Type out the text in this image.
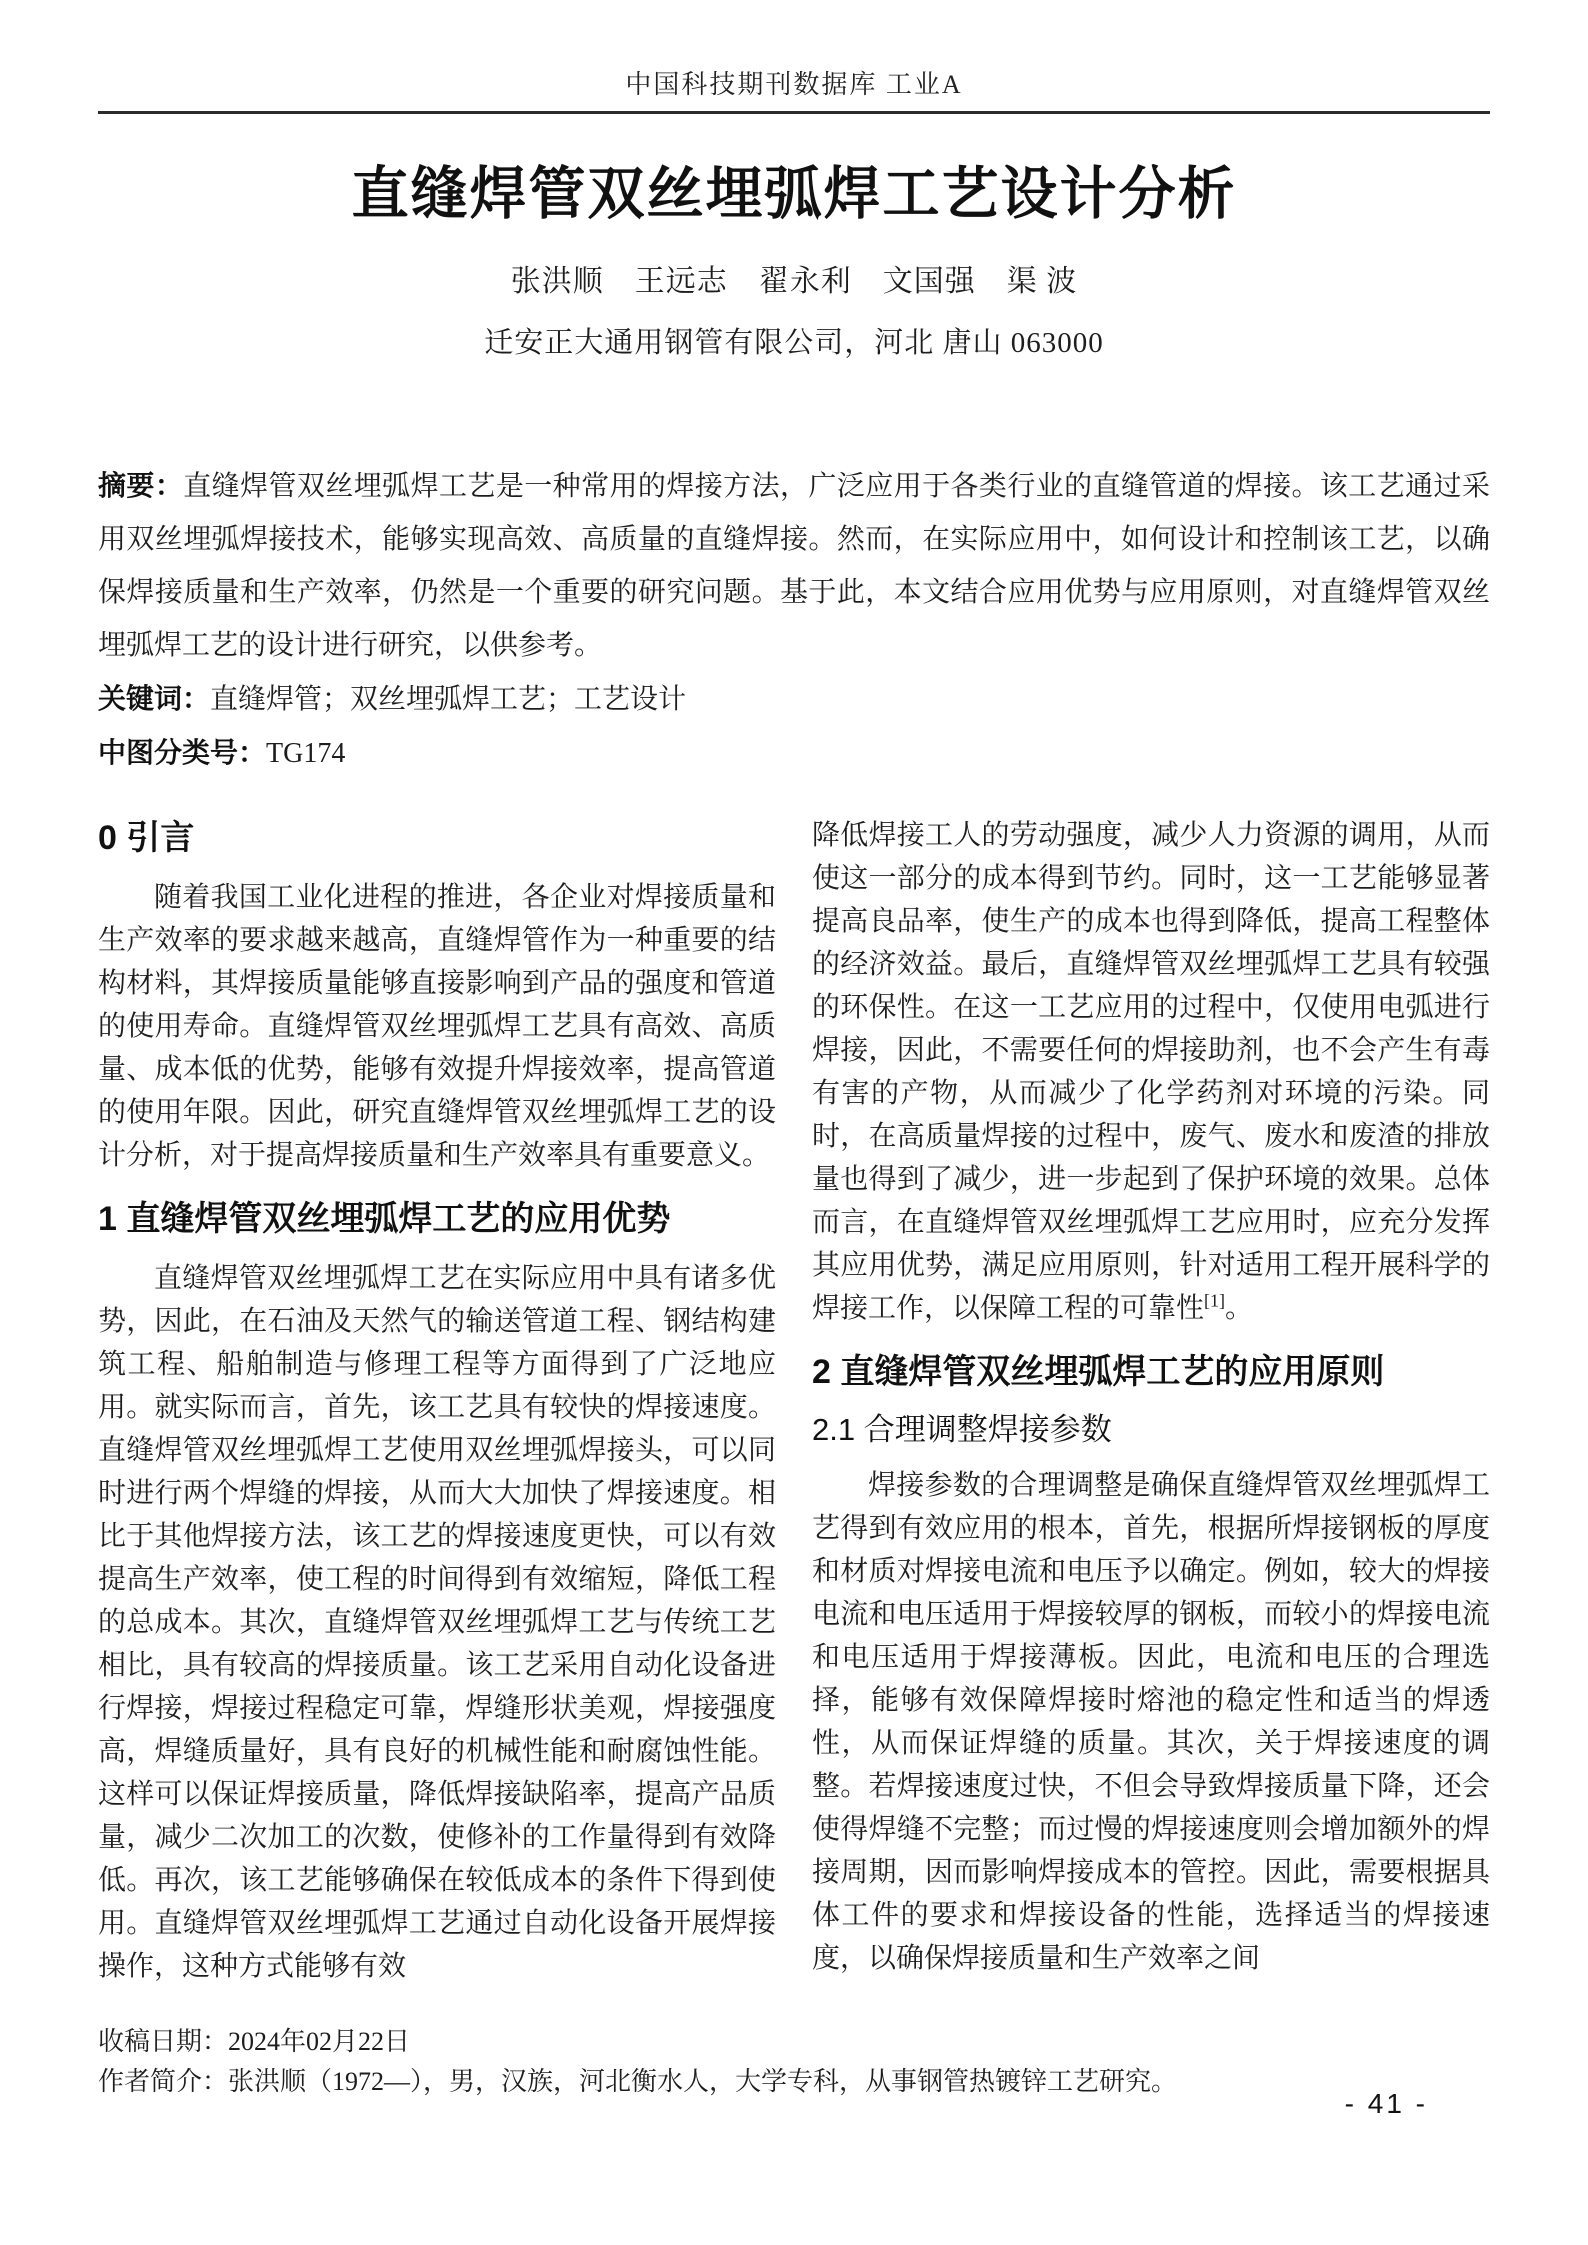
中国科技期刊数据库 工业A
直缝焊管双丝埋弧焊工艺设计分析
张洪顺　王远志　翟永利　文国强　渠 波
迁安正大通用钢管有限公司，河北 唐山 063000

摘要：直缝焊管双丝埋弧焊工艺是一种常用的焊接方法，广泛应用于各类行业的直缝管道的焊接。该工艺通过采用双丝埋弧焊接技术，能够实现高效、高质量的直缝焊接。然而，在实际应用中，如何设计和控制该工艺，以确保焊接质量和生产效率，仍然是一个重要的研究问题。基于此，本文结合应用优势与应用原则，对直缝焊管双丝埋弧焊工艺的设计进行研究，以供参考。

关键词：直缝焊管；双丝埋弧焊工艺；工艺设计

中图分类号：TG174

0 引言

随着我国工业化进程的推进，各企业对焊接质量和生产效率的要求越来越高，直缝焊管作为一种重要的结构材料，其焊接质量能够直接影响到产品的强度和管道的使用寿命。直缝焊管双丝埋弧焊工艺具有高效、高质量、成本低的优势，能够有效提升焊接效率，提高管道的使用年限。因此，研究直缝焊管双丝埋弧焊工艺的设计分析，对于提高焊接质量和生产效率具有重要意义。

1 直缝焊管双丝埋弧焊工艺的应用优势

直缝焊管双丝埋弧焊工艺在实际应用中具有诸多优势，因此，在石油及天然气的输送管道工程、钢结构建筑工程、船舶制造与修理工程等方面得到了广泛地应用。就实际而言，首先，该工艺具有较快的焊接速度。直缝焊管双丝埋弧焊工艺使用双丝埋弧焊接头，可以同时进行两个焊缝的焊接，从而大大加快了焊接速度。相比于其他焊接方法，该工艺的焊接速度更快，可以有效提高生产效率，使工程的时间得到有效缩短，降低工程的总成本。其次，直缝焊管双丝埋弧焊工艺与传统工艺相比，具有较高的焊接质量。该工艺采用自动化设备进行焊接，焊接过程稳定可靠，焊缝形状美观，焊接强度高，焊缝质量好，具有良好的机械性能和耐腐蚀性能。这样可以保证焊接质量，降低焊接缺陷率，提高产品质量，减少二次加工的次数，使修补的工作量得到有效降低。再次，该工艺能够确保在较低成本的条件下得到使用。直缝焊管双丝埋弧焊工艺通过自动化设备开展焊接操作，这种方式能够有效

降低焊接工人的劳动强度，减少人力资源的调用，从而使这一部分的成本得到节约。同时，这一工艺能够显著提高良品率，使生产的成本也得到降低，提高工程整体的经济效益。最后，直缝焊管双丝埋弧焊工艺具有较强的环保性。在这一工艺应用的过程中，仅使用电弧进行焊接，因此，不需要任何的焊接助剂，也不会产生有毒有害的产物，从而减少了化学药剂对环境的污染。同时，在高质量焊接的过程中，废气、废水和废渣的排放量也得到了减少，进一步起到了保护环境的效果。总体而言，在直缝焊管双丝埋弧焊工艺应用时，应充分发挥其应用优势，满足应用原则，针对适用工程开展科学的焊接工作，以保障工程的可靠性[1]。

2 直缝焊管双丝埋弧焊工艺的应用原则
2.1 合理调整焊接参数

焊接参数的合理调整是确保直缝焊管双丝埋弧焊工艺得到有效应用的根本，首先，根据所焊接钢板的厚度和材质对焊接电流和电压予以确定。例如，较大的焊接电流和电压适用于焊接较厚的钢板，而较小的焊接电流和电压适用于焊接薄板。因此，电流和电压的合理选择，能够有效保障焊接时熔池的稳定性和适当的焊透性，从而保证焊缝的质量。其次，关于焊接速度的调整。若焊接速度过快，不但会导致焊接质量下降，还会使得焊缝不完整；而过慢的焊接速度则会增加额外的焊接周期，因而影响焊接成本的管控。因此，需要根据具体工件的要求和焊接设备的性能，选择适当的焊接速度，以确保焊接质量和生产效率之间

收稿日期：2024年02月22日

作者简介：张洪顺（1972—），男，汉族，河北衡水人，大学专科，从事钢管热镀锌工艺研究。

- 41 -
